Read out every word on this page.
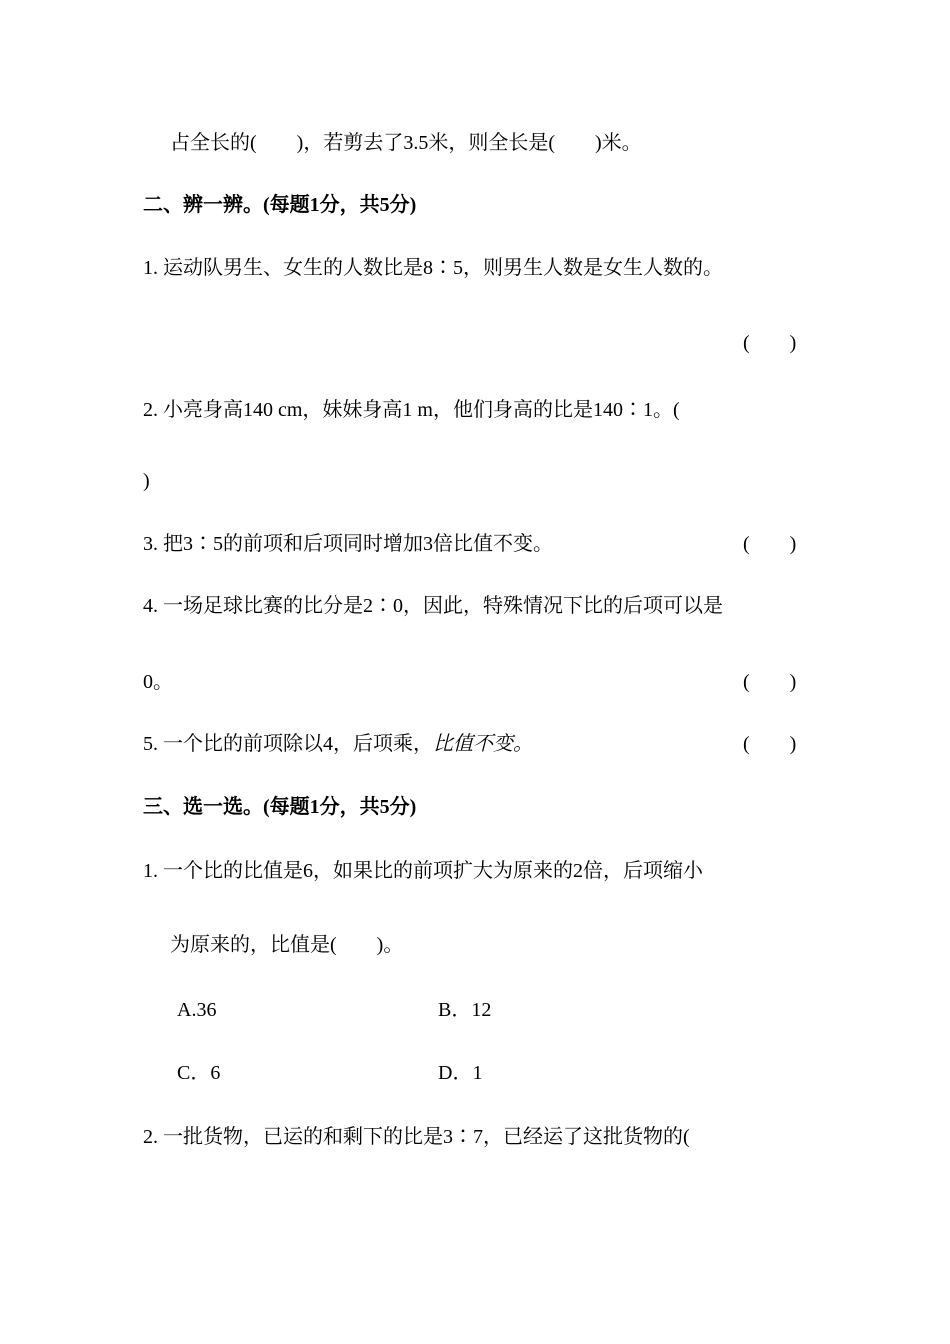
占全长的(　　)，若剪去了3.5米，则全长是(　　)米。
二、辨一辨。(每题1分，共5分)
1. 运动队男生、女生的人数比是8∶5，则男生人数是女生人数的。
(　　)
2. 小亮身高140 cm，妹妹身高1 m，他们身高的比是140∶1。(
)
3. 把3∶5的前项和后项同时增加3倍比值不变。	(　　)
4. 一场足球比赛的比分是2∶0，因此，特殊情况下比的后项可以是
0。	(　　)
5. 一个比的前项除以4，后项乘，比值不变。	(　　)
三、选一选。(每题1分，共5分)
1. 一个比的比值是6，如果比的前项扩大为原来的2倍，后项缩小
为原来的，比值是(　　)。
A.36	B．12
C．6	D．1
2. 一批货物，已运的和剩下的比是3∶7，已经运了这批货物的(
